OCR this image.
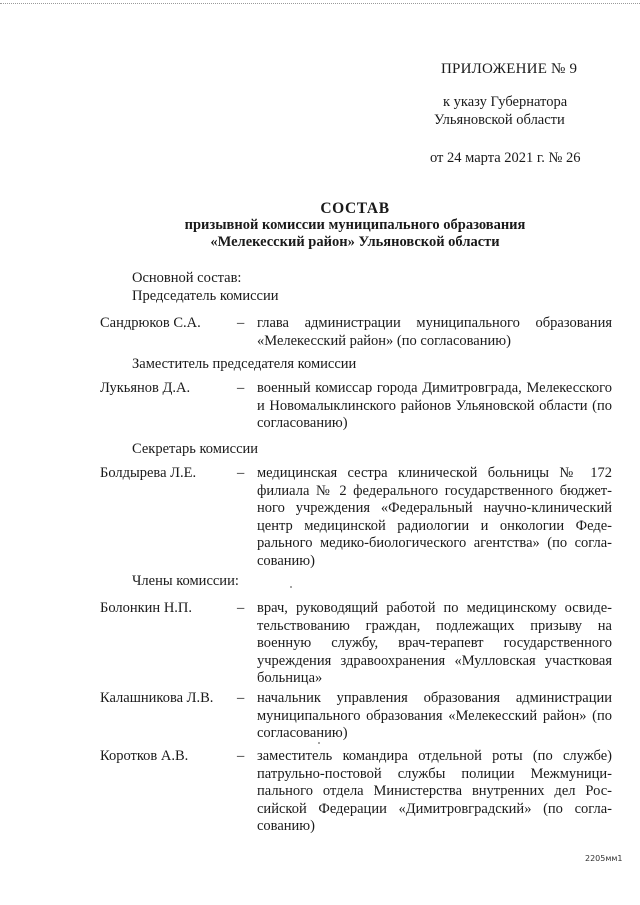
ПРИЛОЖЕНИЕ № 9
к указу Губернатора
Ульяновской области
от 24 марта 2021 г. № 26
СОСТАВ
призывной комиссии муниципального образования
«Мелекесский район» Ульяновской области
Основной состав:
Председатель комиссии
Сандрюков С.А.	– глава администрации муниципального образования «Мелекесский район» (по согласованию)
Заместитель председателя комиссии
Лукьянов Д.А.	– военный комиссар города Димитровграда, Мелекесского и Новомалыклинского районов Ульяновской области (по согласованию)
Секретарь комиссии
Болдырева Л.Е.	– медицинская сестра клинической больницы № 172 филиала № 2 федерального государственного бюджетного учреждения «Федеральный научно-клинический центр медицинской радиологии и онкологии Федерального медико-биологического агентства» (по согласованию)
Члены комиссии:
Болонкин Н.П.	– врач, руководящий работой по медицинскому освидетельствованию граждан, подлежащих призыву на военную службу, врач-терапевт государственного учреждения здравоохранения «Мулловская участковая больница»
Калашникова Л.В. – начальник управления образования администрации муниципального образования «Мелекесский район» (по согласованию)
Коротков А.В.	– заместитель командира отдельной роты (по службе) патрульно-постовой службы полиции Межмуниципального отдела Министерства внутренних дел Российской Федерации «Димитровградский» (по согласованию)
2205мм1
